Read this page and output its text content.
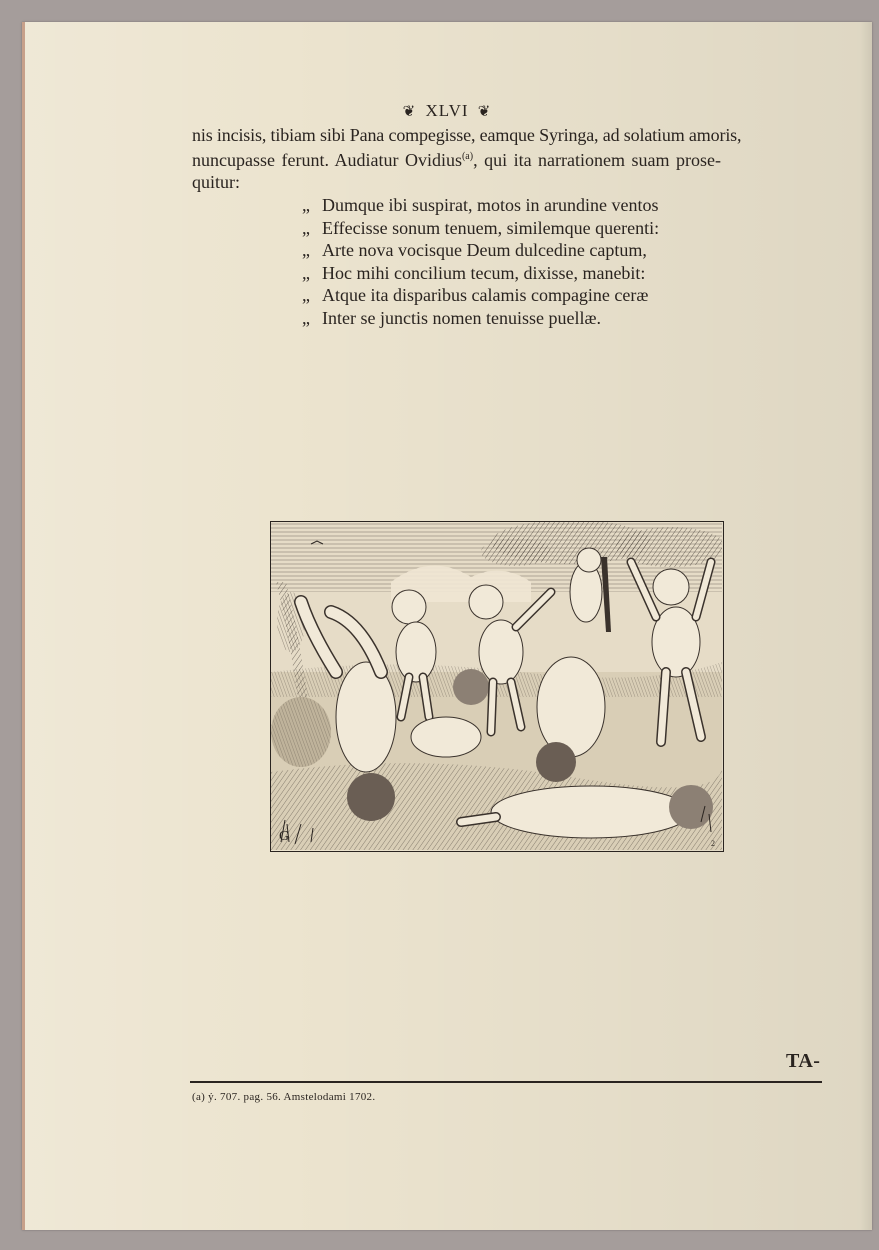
❦ XLVI ❦
nis incisis, tibiam sibi Pana compegisse, eamque Syringa, ad solatium amoris,
nuncupasse ferunt. Audiatur Ovidius$^{(a)}$, qui ita narrationem suam prose-
quitur:
„ Dumque ibi suspirat, motos in arundine ventos
„ Effecisse sonum tenuem, similemque querenti:
„ Arte nova vocisque Deum dulcedine captum,
„ Hoc mihi concilium tecum, dixisse, manebit:
„ Atque ita disparibus calamis compagine ceræ
„ Inter se junctis nomen tenuisse puellæ.
G	2
TA-
(a) ỷ. 707. pag. 56. Amstelodami 1702.
